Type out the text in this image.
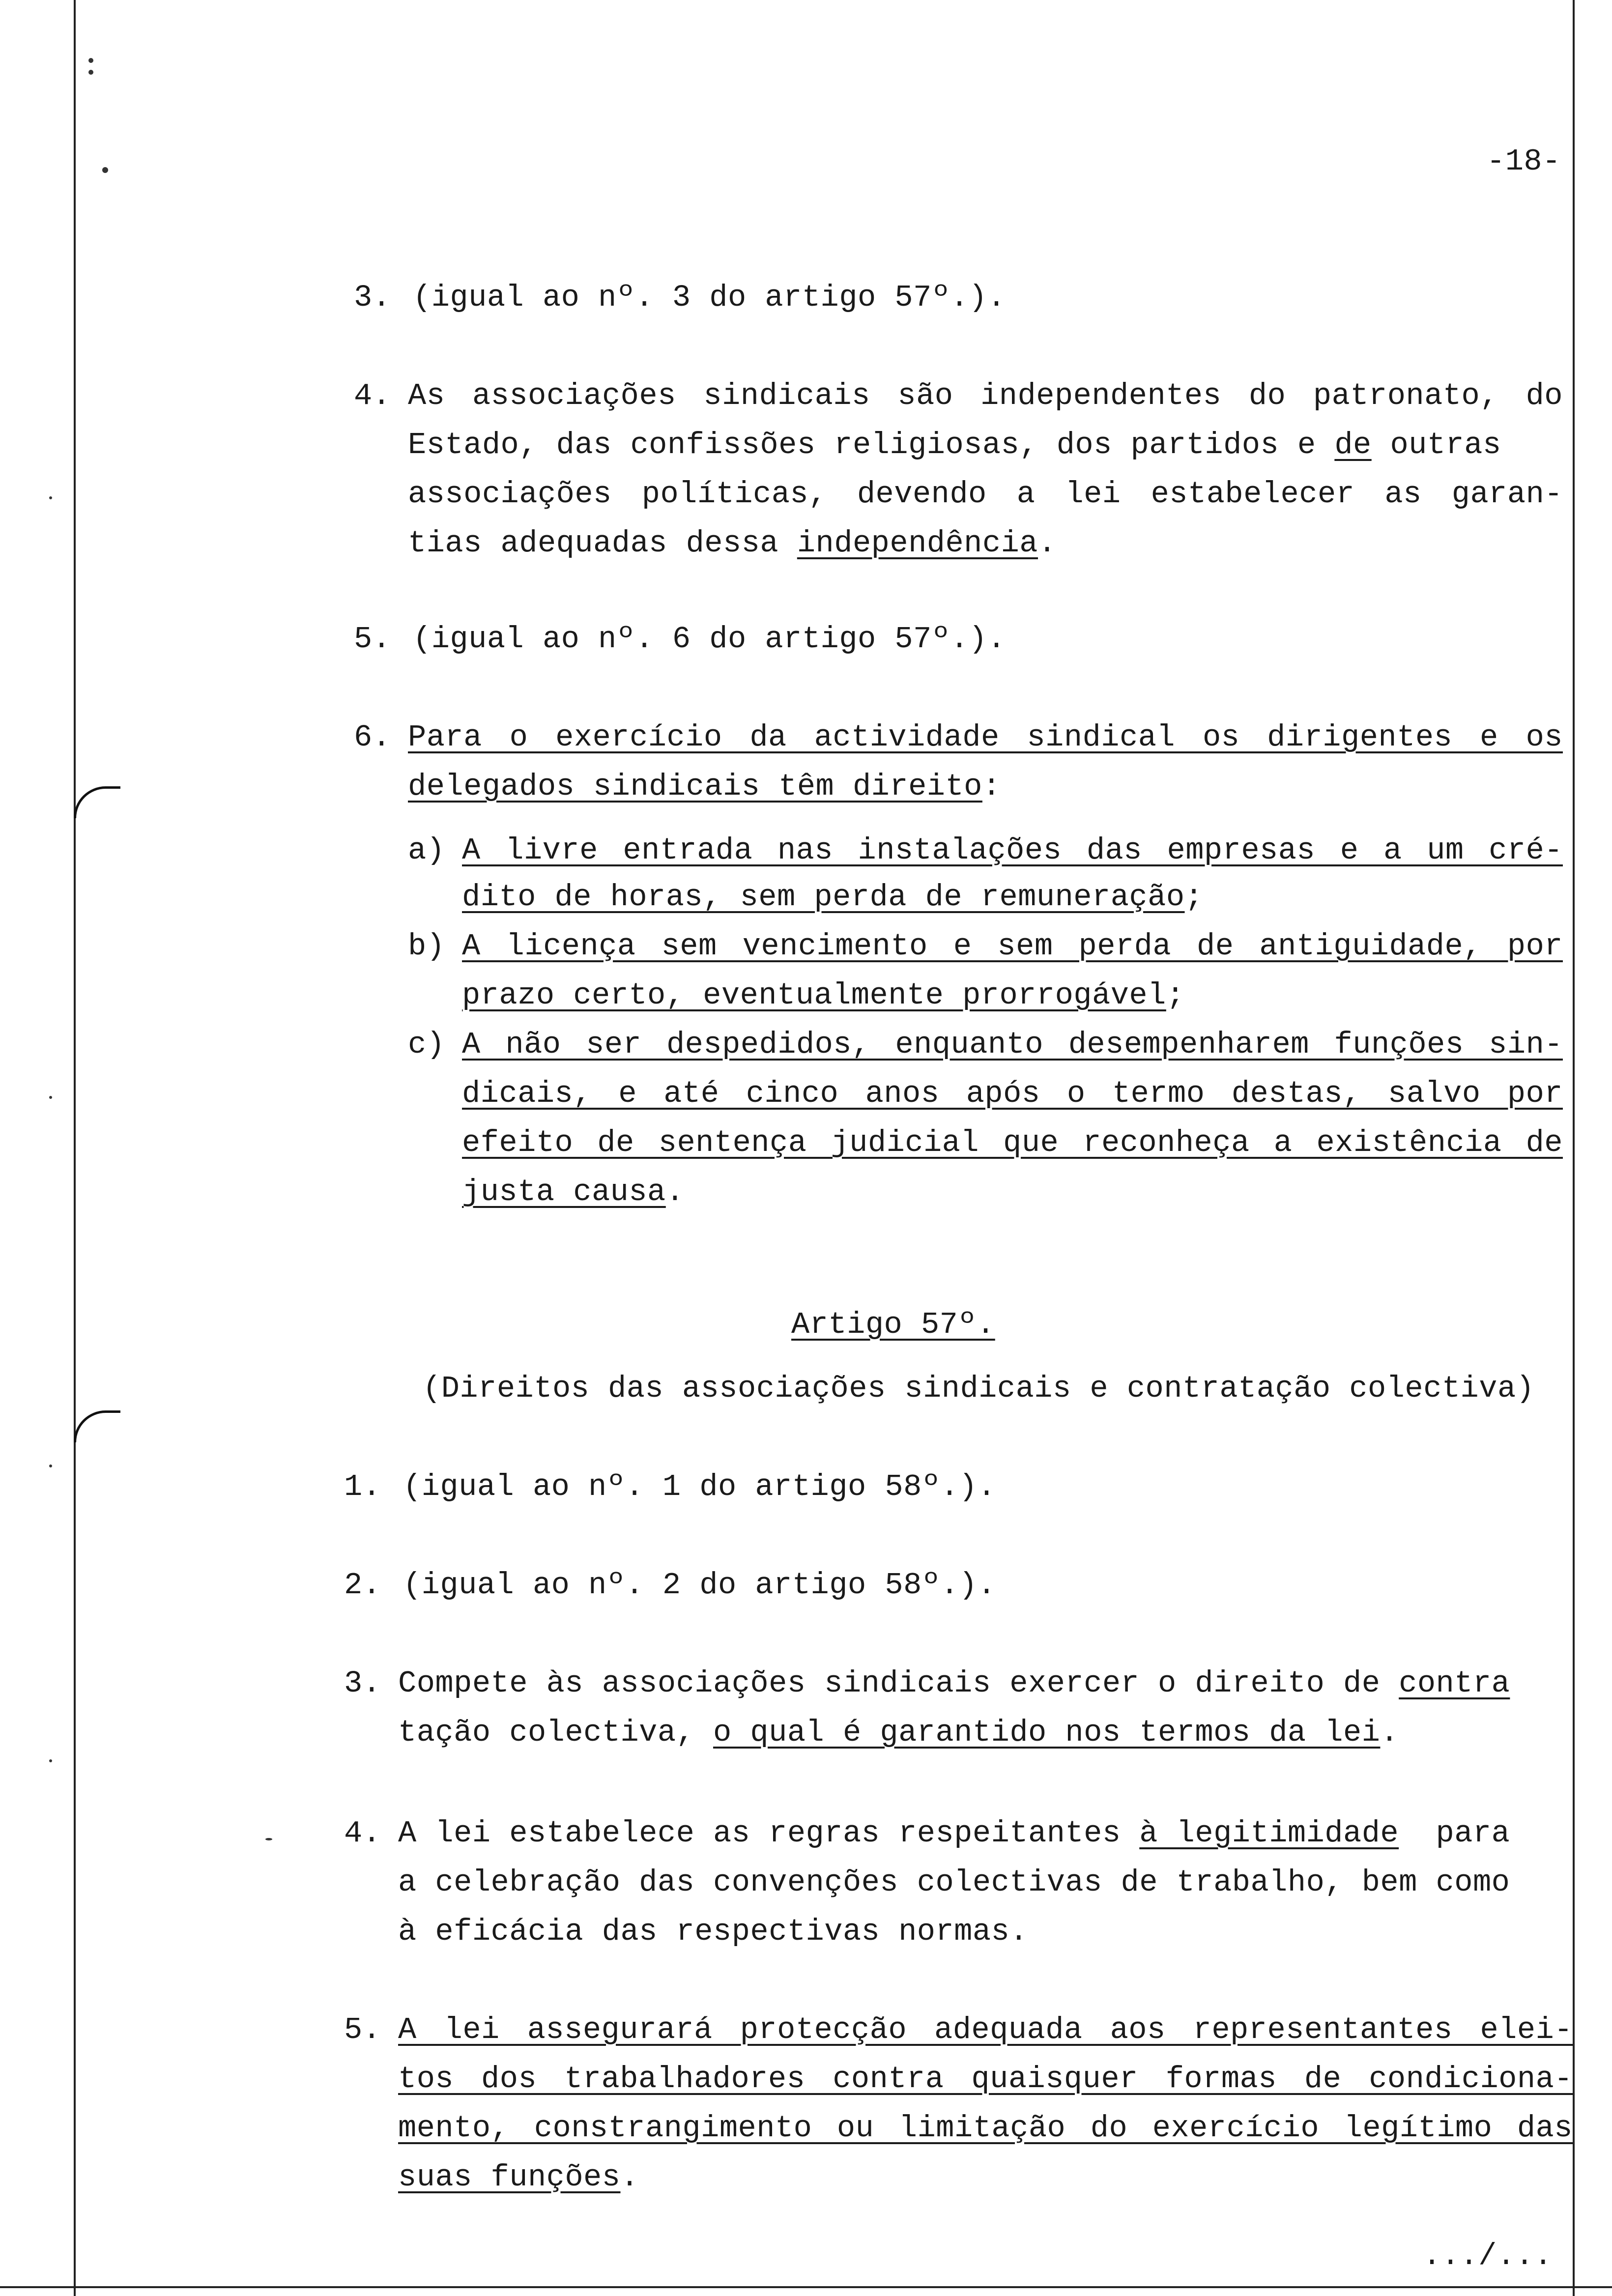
-18-
3. (igual ao nº. 3 do artigo 57º.).
4. As associações sindicais são independentes do patronato, do
Estado, das confissões religiosas, dos partidos e de outras
associações políticas, devendo a lei estabelecer as garan-
tias adequadas dessa independência.
5. (igual ao nº. 6 do artigo 57º.).
6. Para o exercício da actividade sindical os dirigentes e os
delegados sindicais têm direito:
a) A livre entrada nas instalações das empresas e a um cré-
dito de horas, sem perda de remuneração;
b) A licença sem vencimento e sem perda de antiguidade, por
prazo certo, eventualmente prorrogável;
c) A não ser despedidos, enquanto desempenharem funções sin-
dicais, e até cinco anos após o termo destas, salvo por
efeito de sentença judicial que reconheça a existência de
justa causa.
Artigo 57º.
(Direitos das associações sindicais e contratação colectiva)
1. (igual ao nº. 1 do artigo 58º.).
2. (igual ao nº. 2 do artigo 58º.).
3. Compete às associações sindicais exercer o direito de contra
tação colectiva, o qual é garantido nos termos da lei.
4. A lei estabelece as regras respeitantes à legitimidade  para
a celebração das convenções colectivas de trabalho, bem como
à eficácia das respectivas normas.
5. A lei assegurará protecção adequada aos representantes elei-
tos dos trabalhadores contra quaisquer formas de condiciona-
mento, constrangimento ou limitação do exercício legítimo das
suas funções.
.../...
